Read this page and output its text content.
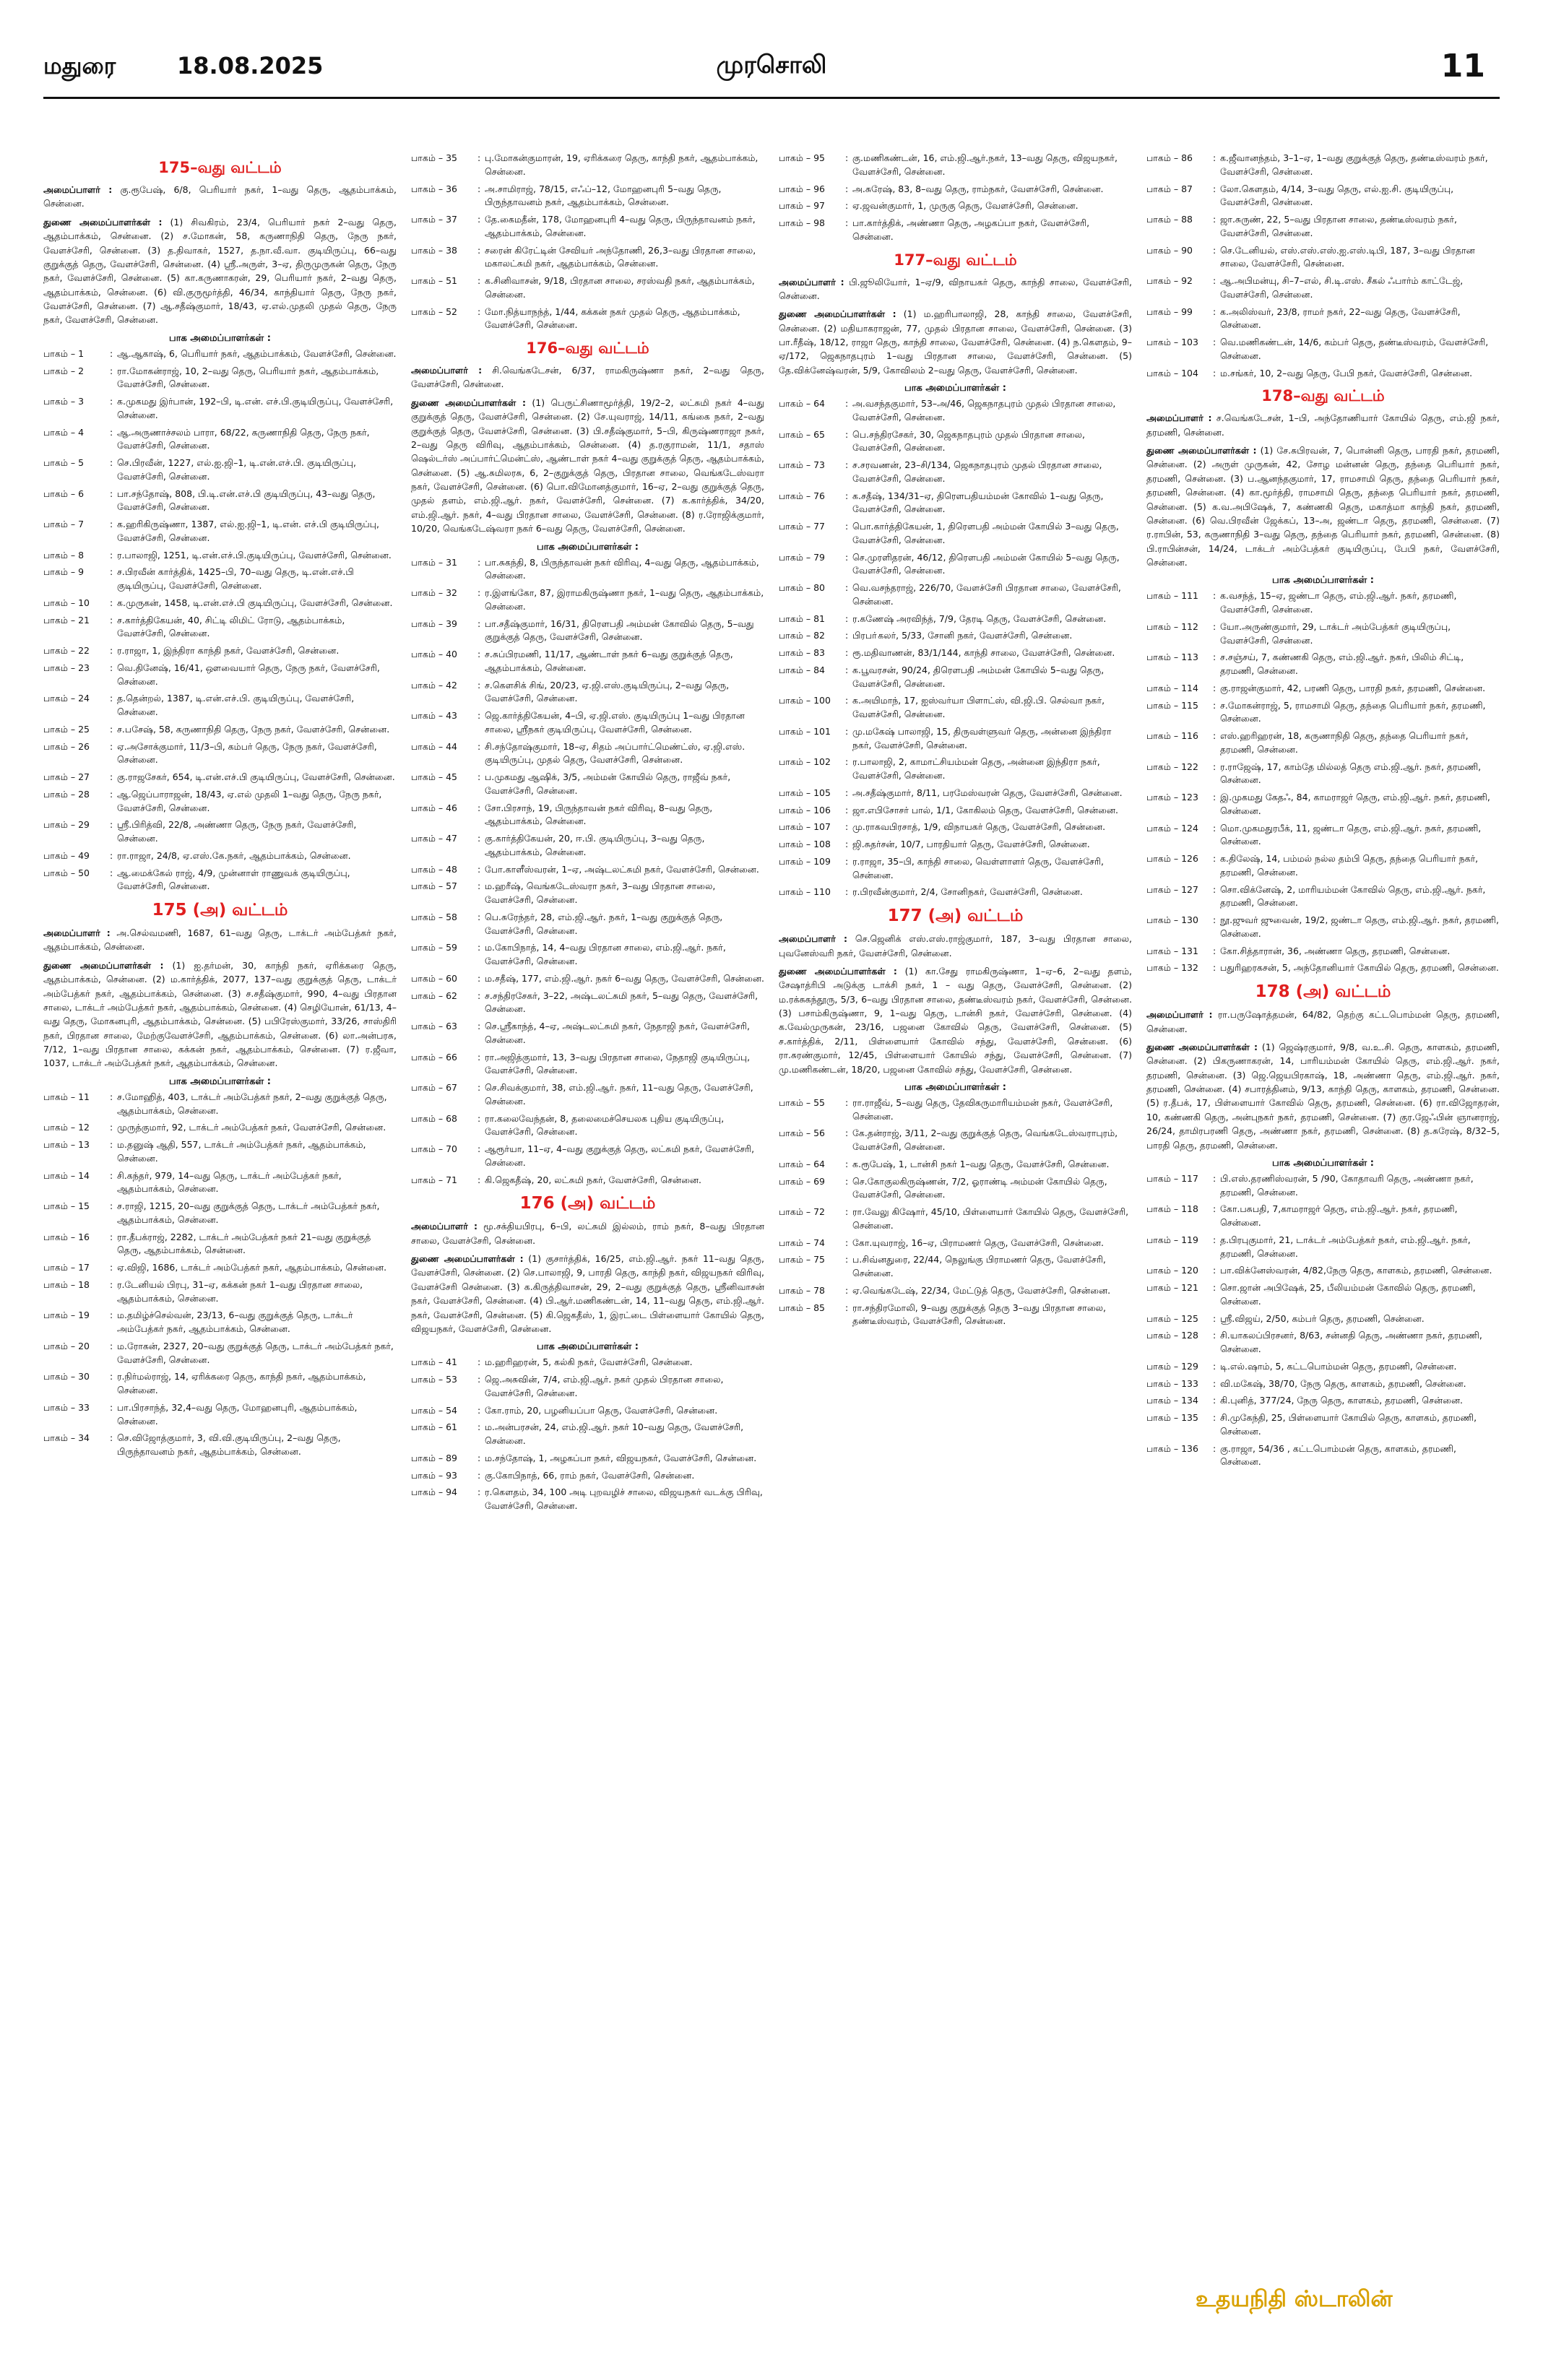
மதுரை	18.08.2025	முரசொலி	11
175–வது வட்டம்

அமைப்பாளர் : கு.ரூபேஷ், 6/8, பெரியார் நகர், 1–வது தெரு, ஆதம்பாக்கம், சென்னை.

துணை அமைப்பாளர்கள் : (1) சிவகிரம், 23/4, பெரியார் நகர் 2–வது தெரு, ஆதம்பாக்கம், சென்னை. (2) ச.மோகன், 58, கருணாநிதி தெரு, நேரு நகர், வேளச்சேரி, சென்னை. (3) த.திவாகர், 1527, த.நா.வீ.வா. குடியிருப்பு, 66–வது குறுக்குத் தெரு, வேளச்சேரி, சென்னை. (4) ஸ்ரீ.அருள், 3–ஏ, திருமுருகன் தெரு, நேரு நகர், வேளச்சேரி, சென்னை. (5) கா.கருணாகரன், 29, பெரியார் நகர், 2–வது தெரு, ஆதம்பாக்கம், சென்னை. (6) வி.குருமூர்த்தி, 46/34, காந்தியார் தெரு, நேரு நகர், வேளச்சேரி, சென்னை. (7) ஆ.சதீஷ்குமார், 18/43, ஏ.எல்.முதலி முதல் தெரு, நேரு நகர், வேளச்சேரி, சென்னை.

பாக அமைப்பாளர்கள் :
பாகம் – 1	: ஆ.ஆகாஷ், 6, பெரியார் நகர், ஆதம்பாக்கம், வேளச்சேரி, சென்னை.
பாகம் – 2	: ரா.மோகன்ராஜ், 10, 2–வது தெரு, பெரியார் நகர், ஆதம்பாக்கம், வேளச்சேரி, சென்னை.
பாகம் – 3	: க.முகமது இர்பான், 192–பி, டி.என். எச்.பி.குடியிருப்பு, வேளச்சேரி, சென்னை.
பாகம் – 4	: ஆ.அருணாச்சலம் பாரா, 68/22, கருணாநிதி தெரு, நேரு நகர், வேளச்சேரி, சென்னை.
பாகம் – 5	: செ.பிரவீன், 1227, எல்.ஐ.ஜி–1, டி.என்.எச்.பி. குடியிருப்பு, வேளச்சேரி, சென்னை.
பாகம் – 6	: பா.சந்தோஷ், 808, பி.டி.என்.எச்.பி குடியிருப்பு, 43–வது தெரு, வேளச்சேரி, சென்னை.
பாகம் – 7	: க.ஹரிகிருஷ்ணா, 1387, எல்.ஐ.ஜி–1, டி.என். எச்.பி குடியிருப்பு, வேளச்சேரி, சென்னை.
பாகம் – 8	: ர.பாலாஜி, 1251, டி.என்.எச்.பி.குடியிருப்பு, வேளச்சேரி, சென்னை.
பாகம் – 9	: ச.பிரவீன் கார்த்திக், 1425–பி, 70–வது தெரு, டி.என்.எச்.பி குடியிருப்பு, வேளச்சேரி, சென்னை.
பாகம் – 10	: க.முருகன், 1458, டி.என்.எச்.பி குடியிருப்பு, வேளச்சேரி, சென்னை.
பாகம் – 21	: ச.கார்த்திகேயன், 40, சிட்டி லிமிட் ரோடு, ஆதம்பாக்கம், வேளச்சேரி, சென்னை.
பாகம் – 22	: ர.ராஜா, 1, இந்திரா காந்தி நகர், வேளச்சேரி, சென்னை.
பாகம் – 23	: வெ.தினேஷ், 16/41, ஔவையார் தெரு, நேரு நகர், வேளச்சேரி, சென்னை.
பாகம் – 24	: த.தென்றல், 1387, டி.என்.எச்.பி. குடியிருப்பு, வேளச்சேரி, சென்னை.
பாகம் – 25	: ச.பசேஷ், 58, கருணாநிதி தெரு, நேரு நகர், வேளச்சேரி, சென்னை.
பாகம் – 26	: ஏ.அசோக்குமார், 11/3–பி, கம்பர் தெரு, நேரு நகர், வேளச்சேரி, சென்னை.
பாகம் – 27	: கு.ராஜசேகர், 654, டி.என்.எச்.பி குடியிருப்பு, வேளச்சேரி, சென்னை.
பாகம் – 28	: ஆ.ஜெப்பாராஜன், 18/43, ஏ.எல் முதலி 1–வது தெரு, நேரு நகர், வேளச்சேரி, சென்னை.
பாகம் – 29	: ஸ்ரீ.பிரித்வி, 22/8, அண்ணா தெரு, நேரு நகர், வேளச்சேரி, சென்னை.
பாகம் – 49	: ரா.ராஜா, 24/8, ஏ.எஸ்.கே.நகர், ஆதம்பாக்கம், சென்னை.
பாகம் – 50	: ஆ.மைக்கேல் ராஜ், 4/9, முன்னாள் ராணுவக் குடியிருப்பு, வேளச்சேரி, சென்னை.
175 (அ) வட்டம்

அமைப்பாளர் : அ.செல்வமணி, 1687, 61–வது தெரு, டாக்டர் அம்பேத்கர் நகர், ஆதம்பாக்கம், சென்னை.

துணை அமைப்பாளர்கள் : (1) ஐ.தர்மன், 30, காந்தி நகர், ஏரிக்கரை தெரு, ஆதம்பாக்கம், சென்னை. (2) ம.கார்த்திக், 2077, 137–வது குறுக்குத் தெரு, டாக்டர் அம்பேத்கர் நகர், ஆதம்பாக்கம், சென்னை. (3) ச.சதீஷ்குமார், 990, 4–வது பிரதான சாலை, டாக்டர் அம்பேத்கர் நகர், ஆதம்பாக்கம், சென்னை. (4) செழியோன், 61/13, 4–வது தெரு, மோகனபுரி, ஆதம்பாக்கம், சென்னை. (5) பபிரேஸ்குமார், 33/26, சாஸ்திரி நகர், பிரதான சாலை, மேற்குவேளச்சேரி, ஆதம்பாக்கம், சென்னை. (6) லா.அன்பரசு, 7/12, 1–வது பிரதான சாலை, கக்கன் நகர், ஆதம்பாக்கம், சென்னை. (7) ர.ஜீவா, 1037, டாக்டர் அம்பேத்கர் நகர், ஆதம்பாக்கம், சென்னை.

பாக அமைப்பாளர்கள் :
பாகம் – 11	: ச.மோஹித், 403, டாக்டர் அம்பேத்கர் நகர், 2–வது குறுக்குத் தெரு, ஆதம்பாக்கம், சென்னை.
பாகம் – 12	: முருத்குமார், 92, டாக்டர் அம்பேத்கர் நகர், வேளச்சேரி, சென்னை.
பாகம் – 13	: ம.தனுஷ் ஆதி, 557, டாக்டர் அம்பேத்கர் நகர், ஆதம்பாக்கம், சென்னை.
பாகம் – 14	: சி.கந்தர், 979, 14–வது தெரு, டாக்டர் அம்பேத்கர் நகர், ஆதம்பாக்கம், சென்னை.
பாகம் – 15	: ச.ராஜி, 1215, 20–வது குறுக்குத் தெரு, டாக்டர் அம்பேத்கர் நகர், ஆதம்பாக்கம், சென்னை.
பாகம் – 16	: ரா.தீபக்ராஜ், 2282, டாக்டர் அம்பேத்கர் நகர் 21–வது குறுக்குத் தெரு, ஆதம்பாக்கம், சென்னை.
பாகம் – 17	: ஏ.விஜி, 1686, டாக்டர் அம்பேத்கர் நகர், ஆதம்பாக்கம், சென்னை.
பாகம் – 18	: ர.டேனியல் பிரபு, 31–ஏ, கக்கன் நகர் 1–வது பிரதான சாலை, ஆதம்பாக்கம், சென்னை.
பாகம் – 19	: ம.தமிழ்ச்செல்வன், 23/13, 6–வது குறுக்குத் தெரு, டாக்டர் அம்பேத்கர் நகர், ஆதம்பாக்கம், சென்னை.
பாகம் – 20	: ம.ரோகன், 2327, 20–வது குறுக்குத் தெரு, டாக்டர் அம்பேத்கர் நகர், வேளச்சேரி, சென்னை.
பாகம் – 30	: ர.நிர்மல்ராஜ், 14, ஏரிக்கரை தெரு, காந்தி நகர், ஆதம்பாக்கம், சென்னை.
பாகம் – 33	: பா.பிரசாந்த், 32,4–வது தெரு, மோஹனபுரி, ஆதம்பாக்கம், சென்னை.
பாகம் – 34	: செ.விஜோத்குமார், 3, வி.வி.குடியிருப்பு, 2–வது தெரு, பிருந்தாவனம் நகர், ஆதம்பாக்கம், சென்னை.
பாகம் – 35	: பு.மோகன்குமாரன், 19, ஏரிக்கரை தெரு, காந்தி நகர், ஆதம்பாக்கம், சென்னை.
பாகம் – 36	: அ.சாமிராஜ், 78/15, எஃப்–12, மோஹனபுரி 5–வது தெரு, பிருந்தாவனம் நகர், ஆதம்பாக்கம், சென்னை.
பாகம் – 37	: தே.கைமதீன், 178, மோஹனபுரி 4–வது தெரு, பிருந்தாவனம் நகர், ஆதம்பாக்கம், சென்னை.
பாகம் – 38	: சரைன் கிரேட்டின் சேவியர் அந்தோணி, 26,3–வது பிரதான சாலை, மகாலட்சுமி நகர், ஆதம்பாக்கம், சென்னை.
பாகம் – 51	: க.சினிவாசன், 9/18, பிரதான சாலை, சரஸ்வதி நகர், ஆதம்பாக்கம், சென்னை.
பாகம் – 52	: மோ.நித்யாநந்த், 1/44, கக்கன் நகர் முதல் தெரு, ஆதம்பாக்கம், வேளச்சேரி, சென்னை.
176–வது வட்டம்

அமைப்பாளர் : சி.வெங்கடேசன், 6/37, ராமகிருஷ்ணா நகர், 2–வது தெரு, வேளச்சேரி, சென்னை.

துணை அமைப்பாளர்கள் : (1) பெருட்சிணாமூர்த்தி, 19/2–2, லட்சுமி நகர் 4–வது குறுக்குத் தெரு, வேளச்சேரி, சென்னை. (2) சே.யுவராஜ், 14/11, கங்கை நகர், 2–வது குறுக்குத் தெரு, வேளச்சேரி, சென்னை. (3) பி.சதீஷ்குமார், 5–பி, கிருஷ்ணராஜா நகர், 2–வது தெரு விரிவு, ஆதம்பாக்கம், சென்னை. (4) த.ரகுராமன், 11/1, சதாஸ் ஷெல்டர்ஸ் அப்பார்ட்மென்ட்ஸ், ஆண்டாள் நகர் 4–வது குறுக்குத் தெரு, ஆதம்பாக்கம், சென்னை. (5) ஆ.சுமிலரசு, 6, 2–குறுக்குத் தெரு, பிரதான சாலை, வெங்கடேஸ்வரா நகர், வேளச்சேரி, சென்னை. (6) பொ.விமோனத்குமார், 16–ஏ, 2–வது குறுக்குத் தெரு, முதல் தளம், எம்.ஜி.ஆர். நகர், வேளச்சேரி, சென்னை. (7) க.கார்த்திக், 34/20, எம்.ஜி.ஆர். நகர், 4–வது பிரதான சாலை, வேளச்சேரி, சென்னை. (8) ர.ரோஜிக்குமார், 10/20, வெங்கடேஷ்வரா நகர் 6–வது தெரு, வேளச்சேரி, சென்னை.

பாக அமைப்பாளர்கள் :
பாகம் – 31	: பா.சுகந்தி, 8, பிருந்தாவன் நகர் விரிவு, 4–வது தெரு, ஆதம்பாக்கம், சென்னை.
பாகம் – 32	: ர.இளங்கோ, 87, இராமகிருஷ்ணா நகர், 1–வது தெரு, ஆதம்பாக்கம், சென்னை.
பாகம் – 39	: பா.சதீஷ்குமார், 16/31, திரௌபதி அம்மன் கோவில் தெரு, 5–வது குறுக்குத் தெரு, வேளச்சேரி, சென்னை.
பாகம் – 40	: ச.சுப்பிரமணி, 11/17, ஆண்டாள் நகர் 6–வது குறுக்குத் தெரு, ஆதம்பாக்கம், சென்னை.
பாகம் – 42	: ச.கௌசிக் சிங், 20/23, ஏ.ஜி.எஸ்.குடியிருப்பு, 2–வது தெரு, வேளச்சேரி, சென்னை.
பாகம் – 43	: ஜெ.கார்த்திகேயன், 4–பி, ஏ.ஜி.எஸ். குடியிருப்பு 1–வது பிரதான சாலை, ஸ்ரீநகர் குடியிருப்பு, வேளச்சேரி, சென்னை.
பாகம் – 44	: சி.சந்தோஷ்குமார், 18–ஏ, சிதம் அப்பார்ட்மெண்ட்ஸ், ஏ.ஜி.எஸ். குடியிருப்பு, முதல் தெரு, வேளச்சேரி, சென்னை.
பாகம் – 45	: ப.முகமது ஆஷிக், 3/5, அம்மன் கோயில் தெரு, ராஜீவ் நகர், வேளச்சேரி, சென்னை.
பாகம் – 46	: சோ.பிரசாந், 19, பிருந்தாவன் நகர் விரிவு, 8–வது தெரு, ஆதம்பாக்கம், சென்னை.
பாகம் – 47	: கு.கார்த்திகேயன், 20, ஈ.பி. குடியிருப்பு, 3–வது தெரு, ஆதம்பாக்கம், சென்னை.
பாகம் – 48	: போ.காளீஸ்வரன், 1–ஏ, அஷ்டலட்சுமி நகர், வேளச்சேரி, சென்னை.
பாகம் – 57	: ம.ஹரீஷ், வெங்கடேஸ்வரா நகர், 3–வது பிரதான சாலை, வேளச்சேரி, சென்னை.
பாகம் – 58	: பெ.சுரேந்தர், 28, எம்.ஜி.ஆர். நகர், 1–வது குறுக்குத் தெரு, வேளச்சேரி, சென்னை.
பாகம் – 59	: ம.கோபிநாத், 14, 4–வது பிரதான சாலை, எம்.ஜி.ஆர். நகர், வேளச்சேரி, சென்னை.
பாகம் – 60	: ம.சதீஷ், 177, எம்.ஜி.ஆர். நகர் 6–வது தெரு, வேளச்சேரி, சென்னை.
பாகம் – 62	: ச.சந்திரசேகர், 3–22, அஷ்டலட்சுமி நகர், 5–வது தெரு, வேளச்சேரி, சென்னை.
பாகம் – 63	: செ.ஸ்ரீகாந்த், 4–ஏ, அஷ்டலட்சுமி நகர், நேதாஜி நகர், வேளச்சேரி, சென்னை.
பாகம் – 66	: ரா.அஜித்குமார், 13, 3–வது பிரதான சாலை, நேதாஜி குடியிருப்பு, வேளச்சேரி, சென்னை.
பாகம் – 67	: செ.சிவக்குமார், 38, எம்.ஜி.ஆர். நகர், 11–வது தெரு, வேளச்சேரி, சென்னை.
பாகம் – 68	: ரா.கலைவேந்தன், 8, தலைமைச்செயலக புதிய குடியிருப்பு, வேளச்சேரி, சென்னை.
பாகம் – 70	: ஆரூர்யா, 11–ஏ, 4–வது குறுக்குத் தெரு, லட்சுமி நகர், வேளச்சேரி, சென்னை.
பாகம் – 71	: கி.ஜெகதீஷ், 20, லட்சுமி நகர், வேளச்சேரி, சென்னை.
176 (அ) வட்டம்

அமைப்பாளர் : மூ.சக்தியபிரபு, 6–பி, லட்சுமி இல்லம், ராம் நகர், 8–வது பிரதான சாலை, வேளச்சேரி, சென்னை.

துணை அமைப்பாளர்கள் : (1) குசார்த்திக், 16/25, எம்.ஜி.ஆர். நகர் 11–வது தெரு, வேளச்சேரி, சென்னை. (2) செ.பாலாஜி, 9, பாரதி தெரு, காந்தி நகர், விஜயநகர் விரிவு, வேளச்சேரி சென்னை. (3) க.கிருத்திவாசன், 29, 2–வது குறுக்குத் தெரு, ஸ்ரீனிவாசன் நகர், வேளச்சேரி, சென்னை. (4) பி.ஆர்.மணிகண்டன், 14, 11–வது தெரு, எம்.ஜி.ஆர். நகர், வேளச்சேரி, சென்னை. (5) கி.ஜெகதீஸ், 1, இரட்டை பிள்ளையார் கோயில் தெரு, விஜயநகர், வேளச்சேரி, சென்னை.

பாக அமைப்பாளர்கள் :
பாகம் – 41	: ம.ஹரிஹரன், 5, கல்கி நகர், வேளச்சேரி, சென்னை.
பாகம் – 53	: ஜெ.அசுவின், 7/4, எம்.ஜி.ஆர். நகர் முதல் பிரதான சாலை, வேளச்சேரி, சென்னை.
பாகம் – 54	: கோ.ராம், 20, பழனியப்பா தெரு, வேளச்சேரி, சென்னை.
பாகம் – 61	: ம.அன்பரசன், 24, எம்.ஜி.ஆர். நகர் 10–வது தெரு, வேளச்சேரி, சென்னை.
பாகம் – 89	: ம.சந்தோஷ், 1, அழகப்பா நகர், விஜயநகர், வேளச்சேரி, சென்னை.
பாகம் – 93	: கு.கோபிநாத், 66, ராம் நகர், வேளச்சேரி, சென்னை.
பாகம் – 94	: ர.கௌதம், 34, 100 அடி புறவழிச் சாலை, விஜயநகர் வடக்கு பிரிவு, வேளச்சேரி, சென்னை.
பாகம் – 95	: கு.மணிகண்டன், 16, எம்.ஜி.ஆர்.நகர், 13–வது தெரு, விஜயநகர், வேளச்சேரி, சென்னை.
பாகம் – 96	: அ.சுரேஷ், 83, 8–வது தெரு, ராம்நகர், வேளச்சேரி, சென்னை.
பாகம் – 97	: ஏ.ஜவன்குமார், 1, முருகு தெரு, வேளச்சேரி, சென்னை.
பாகம் – 98	: பா.கார்த்திக், அண்ணா தெரு, அழகப்பா நகர், வேளச்சேரி, சென்னை.
177–வது வட்டம்

அமைப்பாளர் : பி.ஜூலியோர், 1–ஏ/9, விநாயகர் தெரு, காந்தி சாலை, வேளச்சேரி, சென்னை.

துணை அமைப்பாளர்கள் : (1) ம.ஹரிபாலாஜி, 28, காந்தி சாலை, வேளச்சேரி, சென்னை. (2) மதியாகராஜன், 77, முதல் பிரதான சாலை, வேளச்சேரி, சென்னை. (3) பா.ரீதீஷ், 18/12, ராஜா தெரு, காந்தி சாலை, வேளச்சேரி, சென்னை. (4) ந.கௌதம், 9–ஏ/172, ஜெகநாதபுரம் 1–வது பிரதான சாலை, வேளச்சேரி, சென்னை. (5) தே.விக்னேஷ்வரன், 5/9, கோவிலம் 2–வது தெரு, வேளச்சேரி, சென்னை.

பாக அமைப்பாளர்கள் :
பாகம் – 64	: அ.வசந்தகுமார், 53–அ/46, ஜெகநாதபுரம் முதல் பிரதான சாலை, வேளச்சேரி, சென்னை.
பாகம் – 65	: பெ.சந்திரசேகர், 30, ஜெகநாதபுரம் முதல் பிரதான சாலை, வேளச்சேரி, சென்னை.
பாகம் – 73	: ச.சரவணன், 23–சி/134, ஜெகநாதபுரம் முதல் பிரதான சாலை, வேளச்சேரி, சென்னை.
பாகம் – 76	: க.சதீஷ், 134/31–ஏ, திரௌபதியம்மன் கோவில் 1–வது தெரு, வேளச்சேரி, சென்னை.
பாகம் – 77	: பொ.கார்த்திகேயன், 1, திரௌபதி அம்மன் கோயில் 3–வது தெரு, வேளச்சேரி, சென்னை.
பாகம் – 79	: செ.முரளிதரன், 46/12, திரௌபதி அம்மன் கோயில் 5–வது தெரு, வேளச்சேரி, சென்னை.
பாகம் – 80	: வெ.வசந்தராஜ், 226/70, வேளச்சேரி பிரதான சாலை, வேளச்சேரி, சென்னை.
பாகம் – 81	: ர.கணேஷ் அரவிந்த், 7/9, தேரடி தெரு, வேளச்சேரி, சென்னை.
பாகம் – 82	: பிரபா்கலர், 5/33, சோனி நகர், வேளச்சேரி, சென்னை.
பாகம் – 83	: ரூ.மதிவாணன், 83/1/144, காந்தி சாலை, வேளச்சேரி, சென்னை.
பாகம் – 84	: க.பூவரசன், 90/24, திரௌபதி அம்மன் கோயில் 5–வது தெரு, வேளச்சேரி, சென்னை.
பாகம் – 100	: க.அயிமாந், 17, ஐஸ்வர்யா பிளாட்ஸ், வி.ஜி.பி. செல்வா நகர், வேளச்சேரி, சென்னை.
பாகம் – 101	: மு.மகேஷ் பாலாஜி, 15, திருவள்ளுவர் தெரு, அன்னை இந்திரா நகர், வேளச்சேரி, சென்னை.
பாகம் – 102	: ர.பாலாஜி, 2, காமாட்சியம்மன் தெரு, அன்னை இந்திரா நகர், வேளச்சேரி, சென்னை.
பாகம் – 105	: அ.சதீஷ்குமார், 8/11, பரமேஸ்வரன் தெரு, வேளச்சேரி, சென்னை.
பாகம் – 106	: ஜா.எபிசோசர் பால், 1/1, கோகிலம் தெரு, வேளச்சேரி, சென்னை.
பாகம் – 107	: மு.ராகவபிரசாத், 1/9, விநாயகர் தெரு, வேளச்சேரி, சென்னை.
பாகம் – 108	: ஜி.சுதர்சன், 10/7, பாரதியார் தெரு, வேளச்சேரி, சென்னை.
பாகம் – 109	: ர.ராஜா, 35–பி, காந்தி சாலை, வெள்ளாளர் தெரு, வேளச்சேரி, சென்னை.
பாகம் – 110	: ர.பிரவீன்குமார், 2/4, சோனிநகர், வேளச்சேரி, சென்னை.
177 (அ) வட்டம்

அமைப்பாளர் : செ.ஜெனிக் எஸ்.எஸ்.ராஜ்குமார், 187, 3–வது பிரதான சாலை, புவனேஸ்வரி நகர், வேளச்சேரி, சென்னை.

துணை அமைப்பாளர்கள் : (1) கா.சேது ராமகிருஷ்ணா, 1–ஏ–6, 2–வது தளம், சேஷாத்ரிபி அடுக்கு டாக்சி நகர், 1 – வது தெரு, வேளச்சேரி, சென்னை. (2) ம.ரக்சுகந்தூரு, 5/3, 6–வது பிரதான சாலை, தண்டீஸ்வரம் நகர், வேளச்சேரி, சென்னை. (3) பசாம்கிருஷ்ணா, 9, 1–வது தெரு, டான்சி நகர், வேளச்சேரி, சென்னை. (4) க.வேல்முருகன், 23/16, பஜனை கோவில் தெரு, வேளச்சேரி, சென்னை. (5) ச.கார்த்திக், 2/11, பிள்ளையார் கோவில் சந்து, வேளச்சேரி, சென்னை. (6) ரா.சுரண்குமார், 12/45, பிள்ளையார் கோயில் சந்து, வேளச்சேரி, சென்னை. (7) மு.மணிகண்டன், 18/20, பஜனை கோவில் சந்து, வேளச்சேரி, சென்னை.

பாக அமைப்பாளர்கள் :
பாகம் – 55	: ரா.ராஜீவ், 5–வது தெரு, தேவிகருமாரியம்மன் நகர், வேளச்சேரி, சென்னை.
பாகம் – 56	: கே.தன்ராஜ், 3/11, 2–வது குறுக்குத் தெரு, வெங்கடேஸ்வராபுரம், வேளச்சேரி, சென்னை.
பாகம் – 64	: க.ரூபேஷ், 1, டான்சி நகர் 1–வது தெரு, வேளச்சேரி, சென்னை.
பாகம் – 69	: செ.கோகுலகிருஷ்ணன், 7/2, ஓராண்டி அம்மன் கோயில் தெரு, வேளச்சேரி, சென்னை.
பாகம் – 72	: ரா.வேலு கிஷோர், 45/10, பிள்ளையார் கோயில் தெரு, வேளச்சேரி, சென்னை.
பாகம் – 74	: கோ.யுவராஜ், 16–ஏ, பிராமணர் தெரு, வேளச்சேரி, சென்னை.
பாகம் – 75	: ப.சிவ்னதுரை, 22/44, நெலுங்கு பிராமணர் தெரு, வேளச்சேரி, சென்னை.
பாகம் – 78	: ஏ.வெங்கடேஷ், 22/34, மேட்டுத் தெரு, வேளச்சேரி, சென்னை.
பாகம் – 85	: ரா.சந்திரமோலி, 9–வது குறுக்குத் தெரு 3–வது பிரதான சாலை, தண்டீஸ்வரம், வேளச்சேரி, சென்னை.
பாகம் – 86	: க.ஜீவானந்தம், 3–1–ஏ, 1–வது குறுக்குத் தெரு, தண்டீஸ்வரம் நகர், வேளச்சேரி, சென்னை.
பாகம் – 87	: லோ.கௌதம், 4/14, 3–வது தெரு, எல்.ஐ.சி. குடியிருப்பு, வேளச்சேரி, சென்னை.
பாகம் – 88	: ஜா.சுருண், 22, 5–வது பிரதான சாலை, தண்டீஸ்வரம் நகர், வேளச்சேரி, சென்னை.
பாகம் – 90	: செ.டேனியல், எஸ்.எஸ்.எஸ்.ஐ.எஸ்.டிபி, 187, 3–வது பிரதான சாலை, வேளச்சேரி, சென்னை.
பாகம் – 92	: ஆ.அபிமன்யு, சி–7–எல், சி.டி.எஸ். சீகல் ஃபார்ம் காட்டேஜ், வேளச்சேரி, சென்னை.
பாகம் – 99	: க.அலிஸ்வர், 23/8, ராமர் நகர், 22–வது தெரு, வேளச்சேரி, சென்னை.
பாகம் – 103	: வெ.மணிகண்டன், 14/6, கம்பர் தெரு, தண்டீஸ்வரம், வேளச்சேரி, சென்னை.
பாகம் – 104	: ம.சங்கர், 10, 2–வது தெரு, பேபி நகர், வேளச்சேரி, சென்னை.
178–வது வட்டம்

அமைப்பாளர் : ச.வெங்கடேசன், 1–பி, அந்தோணியார் கோயில் தெரு, எம்.ஜி நகர், தரமணி, சென்னை.

துணை அமைப்பாளர்கள் : (1) சே.சுபிரவன், 7, பொன்னி தெரு, பாரதி நகர், தரமணி, சென்னை. (2) அருள் முருகன், 42, சோழ மன்னன் தெரு, தந்தை பெரியார் நகர், தரமணி, சென்னை. (3) ப.ஆனந்தகுமார், 17, ராமசாமி தெரு, தந்தை பெரியார் நகர், தரமணி, சென்னை. (4) கா.மூர்த்தி, ராமசாமி தெரு, தந்தை பெரியார் நகர், தரமணி, சென்னை. (5) க.வ.அபிஷேக், 7, கண்ணகி தெரு, மகாத்மா காந்தி நகர், தரமணி, சென்னை. (6) வெ.பிரவீன் ஜேக்கப், 13–அ, ஜண்டா தெரு, தரமணி, சென்னை. (7) ர.ராபின், 53, கருணாநிதி 3–வது தெரு, தந்தை பெரியார் நகர், தரமணி, சென்னை. (8) பி.ராபின்சன், 14/24, டாக்டர் அம்பேத்கர் குடியிருப்பு, பேபி நகர், வேளச்சேரி, சென்னை.

பாக அமைப்பாளர்கள் :
பாகம் – 111	: க.வசந்த், 15–ஏ, ஜண்டா தெரு, எம்.ஜி.ஆர். நகர், தரமணி, வேளச்சேரி, சென்னை.
பாகம் – 112	: யோ.அருண்குமார், 29, டாக்டர் அம்பேத்கர் குடியிருப்பு, வேளச்சேரி, சென்னை.
பாகம் – 113	: ச.சஞ்சய், 7, கண்ணகி தெரு, எம்.ஜி.ஆர். நகர், பிலிம் சிட்டி, தரமணி, சென்னை.
பாகம் – 114	: கு.ராஜன்குமார், 42, பரணி தெரு, பாரதி நகர், தரமணி, சென்னை.
பாகம் – 115	: ச.மோகன்ராஜ், 5, ராமசாமி தெரு, தந்தை பெரியார் நகர், தரமணி, சென்னை.
பாகம் – 116	: எஸ்.ஹரிஹரன், 18, கருணாநிதி தெரு, தந்தை பெரியார் நகர், தரமணி, சென்னை.
பாகம் – 122	: ர.ராஜேஷ், 17, காம்தே மில்லத் தெரு எம்.ஜி.ஆர். நகர், தரமணி, சென்னை.
பாகம் – 123	: இ.முகமது கேதஃ, 84, காமராஜர் தெரு, எம்.ஜி.ஆர். நகர், தரமணி, சென்னை.
பாகம் – 124	: மொ.முகமதுரபீக், 11, ஜண்டா தெரு, எம்.ஜி.ஆர். நகர், தரமணி, சென்னை.
பாகம் – 126	: க.திலேஷ், 14, பம்மல் நல்ல தம்பி தெரு, தந்தை பெரியார் நகர், தரமணி, சென்னை.
பாகம் – 127	: சொ.விக்னேஷ், 2, மாரியம்மன் கோவில் தெரு, எம்.ஜி.ஆர். நகர், தரமணி, சென்னை.
பாகம் – 130	: நூ.ஜுவர் ஜுவைன், 19/2, ஜண்டா தெரு, எம்.ஜி.ஆர். நகர், தரமணி, சென்னை.
பாகம் – 131	: கோ.சித்தாரான், 36, அண்ணா தெரு, தரமணி, சென்னை.
பாகம் – 132	: பதுரிஹரகசன், 5, அந்தோனியார் கோயில் தெரு, தரமணி, சென்னை.
178 (அ) வட்டம்

அமைப்பாளர் : ரா.பருஷோத்தமன், 64/82, தெற்கு கட்டபொம்மன் தெரு, தரமணி, சென்னை.

துணை அமைப்பாளர்கள் : (1) ஜெஷ்ரகுமார், 9/8, வ.உ.சி. தெரு, காளகம், தரமணி, சென்னை. (2) பிகருணாகரன், 14, பாரியம்மன் கோயில் தெரு, எம்.ஜி.ஆர். நகர், தரமணி, சென்னை. (3) ஜெ.ஜெயபிரகாஷ், 18, அண்ணா தெரு, எம்.ஜி.ஆர். நகர், தரமணி, சென்னை. (4) சபாரத்தினம், 9/13, காந்தி தெரு, காளகம், தரமணி, சென்னை. (5) ர.தீபக், 17, பிள்ளையார் கோவில் தெரு, தரமணி, சென்னை. (6) ரா.விஜோதரன், 10, கண்ணகி தெரு, அன்புநகர் நகர், தரமணி, சென்னை. (7) குர.ஜேஃபின் ஞானராஜ், 26/24, தாமிரபரணி தெரு, அண்ணா நகர், தரமணி, சென்னை. (8) த.சுரேஷ், 8/32–5, பாரதி தெரு, தரமணி, சென்னை.

பாக அமைப்பாளர்கள் :
பாகம் – 117	: பி.எஸ்.தரணிஸ்வரன், 5 /90, கோதாவரி தெரு, அண்ணா நகர், தரமணி, சென்னை.
பாகம் – 118	: கோ.பசுபதி, 7,காமராஜர் தெரு, எம்.ஜி.ஆர். நகர், தரமணி, சென்னை.
பாகம் – 119	: த.பிரபுகுமார், 21, டாக்டர் அம்பேத்கர் நகர், எம்.ஜி.ஆர். நகர், தரமணி, சென்னை.
பாகம் – 120	: பா.விக்னேஸ்வரன், 4/82,நேரு தெரு, காளகம், தரமணி, சென்னை.
பாகம் – 121	: சொ.ஜான் அபிஷேக், 25, பீலியம்மன் கோவில் தெரு, தரமணி, சென்னை.
பாகம் – 125	: ஸ்ரீ.விஜய், 2/50, கம்பர் தெரு, தரமணி, சென்னை.
பாகம் – 128	: சி.யாகலப்பிரசனர், 8/63, சன்னதி தெரு, அண்ணா நகர், தரமணி, சென்னை.
பாகம் – 129	: டி.எல்.ஷாம், 5, கட்டபொம்மன் தெரு, தரமணி, சென்னை.
பாகம் – 133	: வி.மகேஷ், 38/70, நேரு தெரு, காளகம், தரமணி, சென்னை.
பாகம் – 134	: கி.புனித், 377/24, நேரு தெரு, காளகம், தரமணி, சென்னை.
பாகம் – 135	: சி.முகேந்தி, 25, பிள்ளையார் கோயில் தெரு, காளகம், தரமணி, சென்னை.
பாகம் – 136	: கு.ராஜா, 54/36 , கட்டபொம்மன் தெரு, காளகம், தரமணி, சென்னை.
உதயநிதி ஸ்டாலின்
